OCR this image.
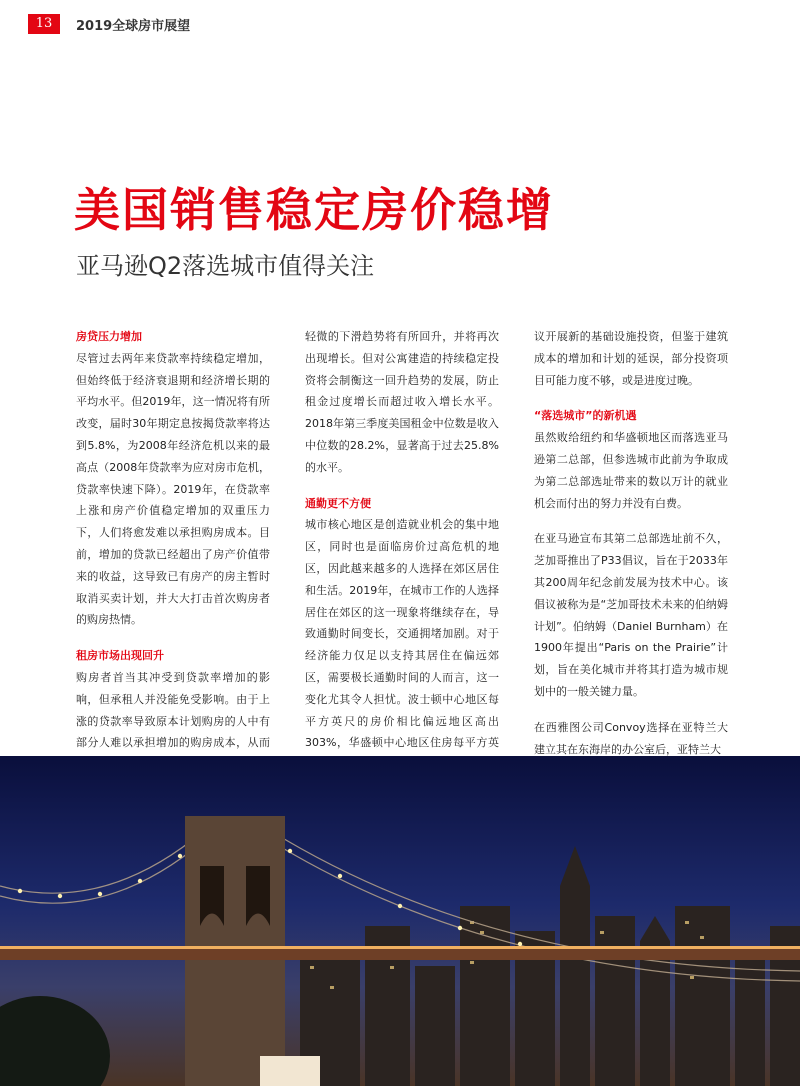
13	2019全球房市展望
美国销售稳定房价稳增
亚马逊Q2落选城市值得关注
房贷压力增加

尽管过去两年来贷款率持续稳定增加，但始终低于经济衰退期和经济增长期的平均水平。但2019年，这一情况将有所改变，届时30年期定息按揭贷款率将达到5.8%，为2008年经济危机以来的最高点（2008年贷款率为应对房市危机，贷款率快速下降）。2019年，在贷款率上涨和房产价值稳定增加的双重压力下，人们将愈发难以承担购房成本。目前，增加的贷款已经超出了房产价值带来的收益，这导致已有房产的房主暂时取消买卖计划，并大大打击首次购房者的购房热情。

租房市场出现回升

购房者首当其冲受到贷款率增加的影响，但承租人并没能免受影响。由于上涨的贷款率导致原本计划购房的人中有部分人难以承担增加的购房成本，从而

轻微的下滑趋势将有所回升，并将再次出现增长。但对公寓建造的持续稳定投资将会制衡这一回升趋势的发展，防止租金过度增长而超过收入增长水平。2018年第三季度美国租金中位数是收入中位数的28.2%，显著高于过去25.8%的水平。

通勤更不方便

城市核心地区是创造就业机会的集中地区，同时也是面临房价过高危机的地区，因此越来越多的人选择在郊区居住和生活。2019年，在城市工作的人选择居住在郊区的这一现象将继续存在，导致通勤时间变长，交通拥堵加剧。对于经济能力仅足以支持其居住在偏远郊区，需要极长通勤时间的人而言，这一变化尤其令人担忧。波士顿中心地区每平方英尺的房价相比偏远地区高出303%，华盛顿中心地区住房每平方英

议开展新的基础设施投资，但鉴于建筑成本的增加和计划的延误，部分投资项目可能力度不够，或是进度过晚。

“落选城市”的新机遇

虽然败给纽约和华盛顿地区而落选亚马逊第二总部，但参选城市此前为争取成为第二总部选址带来的数以万计的就业机会而付出的努力并没有白费。

在亚马逊宣布其第二总部选址前不久，芝加哥推出了P33倡议，旨在于2033年其200周年纪念前发展为技术中心。该倡议被称为是“芝加哥技术未来的伯纳姆计划”。伯纳姆（Daniel Burnham）在1900年提出“Paris on the Prairie”计划，旨在美化城市并将其打造为城市规划中的一般关键力量。

在西雅图公司Convoy选择在亚特兰大建立其在东海岸的办公室后，亚特兰大
